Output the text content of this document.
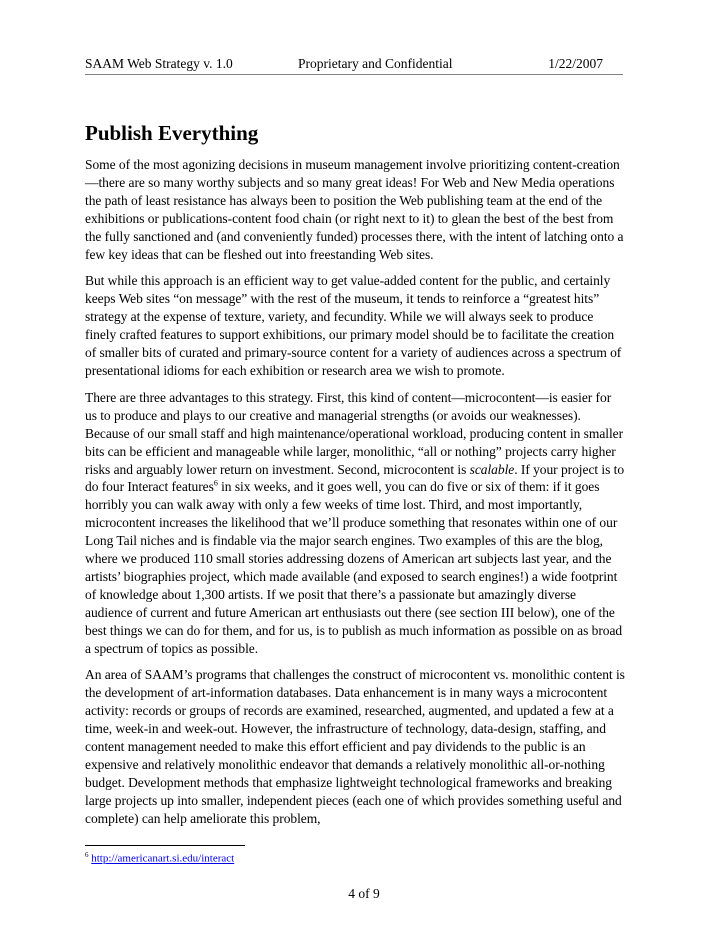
SAAM Web Strategy v. 1.0	Proprietary and Confidential	1/22/2007
Publish Everything

Some of the most agonizing decisions in museum management involve prioritizing content-creation—there are so many worthy subjects and so many great ideas! For Web and New Media operations the path of least resistance has always been to position the Web publishing team at the end of the exhibitions or publications-content food chain (or right next to it) to glean the best of the best from the fully sanctioned and (and conveniently funded) processes there, with the intent of latching onto a few key ideas that can be fleshed out into freestanding Web sites.

But while this approach is an efficient way to get value-added content for the public, and certainly keeps Web sites “on message” with the rest of the museum, it tends to reinforce a “greatest hits” strategy at the expense of texture, variety, and fecundity. While we will always seek to produce finely crafted features to support exhibitions, our primary model should be to facilitate the creation of smaller bits of curated and primary-source content for a variety of audiences across a spectrum of presentational idioms for each exhibition or research area we wish to promote.

There are three advantages to this strategy. First, this kind of content—microcontent—is easier for us to produce and plays to our creative and managerial strengths (or avoids our weaknesses). Because of our small staff and high maintenance/operational workload, producing content in smaller bits can be efficient and manageable while larger, monolithic, “all or nothing” projects carry higher risks and arguably lower return on investment. Second, microcontent is scalable. If your project is to do four Interact features$^6$ in six weeks, and it goes well, you can do five or six of them: if it goes horribly you can walk away with only a few weeks of time lost. Third, and most importantly, microcontent increases the likelihood that we’ll produce something that resonates within one of our Long Tail niches and is findable via the major search engines. Two examples of this are the blog, where we produced 110 small stories addressing dozens of American art subjects last year, and the artists’ biographies project, which made available (and exposed to search engines!) a wide footprint of knowledge about 1,300 artists. If we posit that there’s a passionate but amazingly diverse audience of current and future American art enthusiasts out there (see section III below), one of the best things we can do for them, and for us, is to publish as much information as possible on as broad a spectrum of topics as possible.

An area of SAAM’s programs that challenges the construct of microcontent vs. monolithic content is the development of art-information databases. Data enhancement is in many ways a microcontent activity: records or groups of records are examined, researched, augmented, and updated a few at a time, week-in and week-out. However, the infrastructure of technology, data-design, staffing, and content management needed to make this effort efficient and pay dividends to the public is an expensive and relatively monolithic endeavor that demands a relatively monolithic all-or-nothing budget. Development methods that emphasize lightweight technological frameworks and breaking large projects up into smaller, independent pieces (each one of which provides something useful and complete) can help ameliorate this problem,

$^6$ http://americanart.si.edu/interact
4 of 9
